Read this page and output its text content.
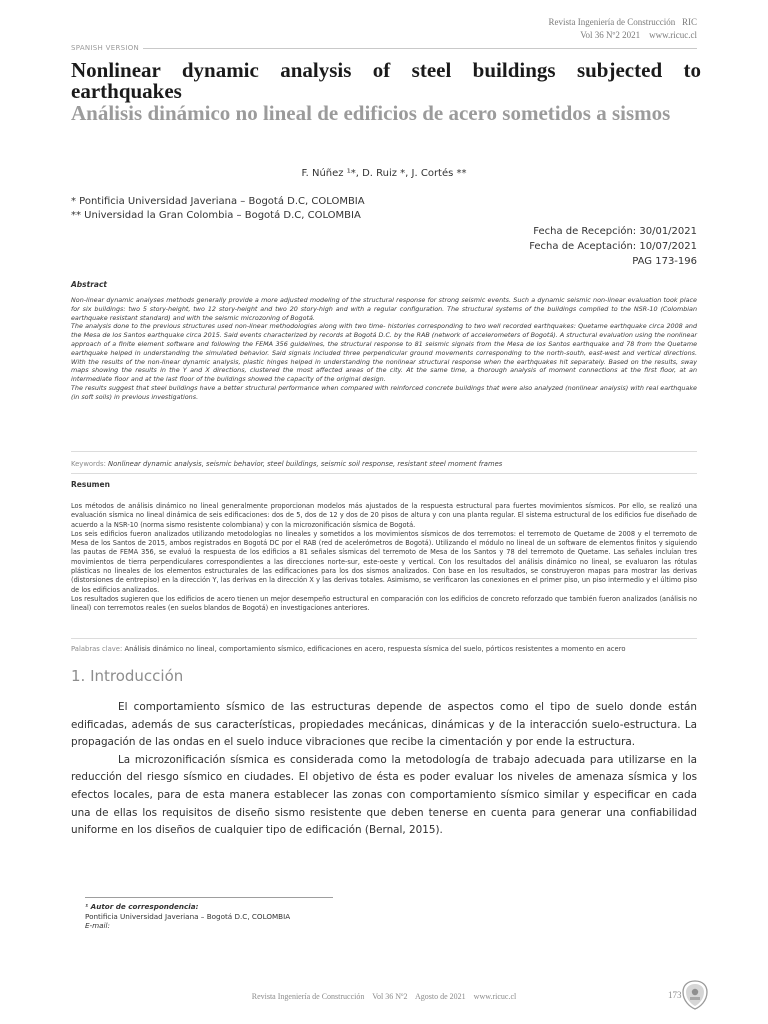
Revista Ingeniería de Construcción RIC
Vol 36 Nº2 2021 www.ricuc.cl
SPANISH VERSION
Nonlinear dynamic analysis of steel buildings subjected to earthquakes
Análisis dinámico no lineal de edificios de acero sometidos a sismos
F. Núñez ¹*, D. Ruiz *, J. Cortés **
* Pontificia Universidad Javeriana – Bogotá D.C, COLOMBIA
** Universidad la Gran Colombia – Bogotá D.C, COLOMBIA
Fecha de Recepción: 30/01/2021
Fecha de Aceptación: 10/07/2021
PAG 173-196
Abstract

Non-linear dynamic analyses methods generally provide a more adjusted modeling of the structural response for strong seismic events. Such a dynamic seismic non-linear evaluation took place for six buildings: two 5 story-height, two 12 story-height and two 20 story-high and with a regular configuration. The structural systems of the buildings complied to the NSR-10 (Colombian earthquake resistant standard) and with the seismic microzoning of Bogotá.

The analysis done to the previous structures used non-linear methodologies along with two time- histories corresponding to two well recorded earthquakes: Quetame earthquake circa 2008 and the Mesa de los Santos earthquake circa 2015. Said events characterized by records at Bogotá D.C. by the RAB (network of accelerometers of Bogotá). A structural evaluation using the nonlinear approach of a finite element software and following the FEMA 356 guidelines, the structural response to 81 seismic signals from the Mesa de los Santos earthquake and 78 from the Quetame earthquake helped in understanding the simulated behavior. Said signals included three perpendicular ground movements corresponding to the north-south, east-west and vertical directions. With the results of the non-linear dynamic analysis, plastic hinges helped in understanding the nonlinear structural response when the earthquakes hit separately. Based on the results, sway maps showing the results in the Y and X directions, clustered the most affected areas of the city. At the same time, a thorough analysis of moment connections at the first floor, at an intermediate floor and at the last floor of the buildings showed the capacity of the original design.

The results suggest that steel buildings have a better structural performance when compared with reinforced concrete buildings that were also analyzed (nonlinear analysis) with real earthquake (in soft soils) in previous investigations.

Keywords: Nonlinear dynamic analysis, seismic behavior, steel buildings, seismic soil response, resistant steel moment frames
Resumen

Los métodos de análisis dinámico no lineal generalmente proporcionan modelos más ajustados de la respuesta estructural para fuertes movimientos sísmicos. Por ello, se realizó una evaluación sísmica no lineal dinámica de seis edificaciones: dos de 5, dos de 12 y dos de 20 pisos de altura y con una planta regular. El sistema estructural de los edificios fue diseñado de acuerdo a la NSR-10 (norma sismo resistente colombiana) y con la microzonificación sísmica de Bogotá.

Los seis edificios fueron analizados utilizando metodologías no lineales y sometidos a los movimientos sísmicos de dos terremotos: el terremoto de Quetame de 2008 y el terremoto de Mesa de los Santos de 2015, ambos registrados en Bogotá DC por el RAB (red de acelerómetros de Bogotá). Utilizando el módulo no lineal de un software de elementos finitos y siguiendo las pautas de FEMA 356, se evaluó la respuesta de los edificios a 81 señales sísmicas del terremoto de Mesa de los Santos y 78 del terremoto de Quetame. Las señales incluían tres movimientos de tierra perpendiculares correspondientes a las direcciones norte-sur, este-oeste y vertical. Con los resultados del análisis dinámico no lineal, se evaluaron las rótulas plásticas no lineales de los elementos estructurales de las edificaciones para los dos sismos analizados. Con base en los resultados, se construyeron mapas para mostrar las derivas (distorsiones de entrepiso) en la dirección Y, las derivas en la dirección X y las derivas totales. Asimismo, se verificaron las conexiones en el primer piso, un piso intermedio y el último piso de los edificios analizados.

Los resultados sugieren que los edificios de acero tienen un mejor desempeño estructural en comparación con los edificios de concreto reforzado que también fueron analizados (análisis no lineal) con terremotos reales (en suelos blandos de Bogotá) en investigaciones anteriores.

Palabras clave: Análisis dinámico no lineal, comportamiento sísmico, edificaciones en acero, respuesta sísmica del suelo, pórticos resistentes a momento en acero
1. Introducción

El comportamiento sísmico de las estructuras depende de aspectos como el tipo de suelo donde están edificadas, además de sus características, propiedades mecánicas, dinámicas y de la interacción suelo-estructura. La propagación de las ondas en el suelo induce vibraciones que recibe la cimentación y por ende la estructura.

La microzonificación sísmica es considerada como la metodología de trabajo adecuada para utilizarse en la reducción del riesgo sísmico en ciudades. El objetivo de ésta es poder evaluar los niveles de amenaza sísmica y los efectos locales, para de esta manera establecer las zonas con comportamiento sísmico similar y especificar en cada una de ellas los requisitos de diseño sismo resistente que deben tenerse en cuenta para generar una confiabilidad uniforme en los diseños de cualquier tipo de edificación (Bernal, 2015).

¹ Autor de correspondencia:
Pontificia Universidad Javeriana – Bogotá D.C, COLOMBIA
E-mail:
Revista Ingeniería de Construcción    Vol 36 Nº2    Agosto de 2021    www.ricuc.cl	173
